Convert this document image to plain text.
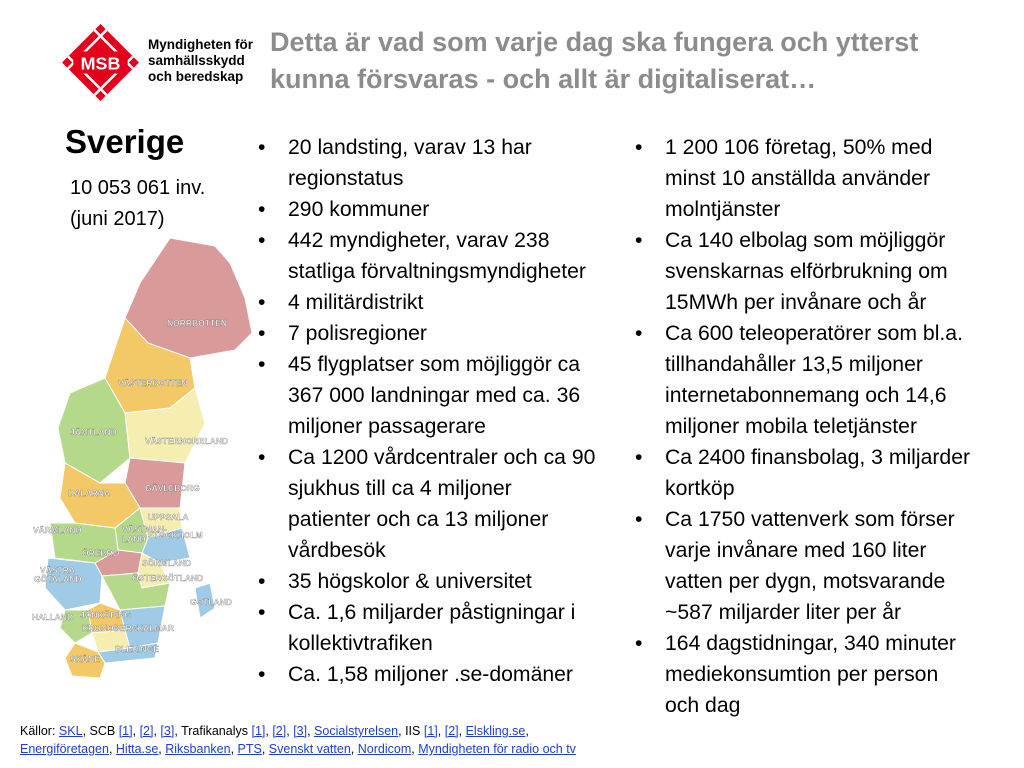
MSB
Myndigheten för
samhällsskydd
och beredskap
Detta är vad som varje dag ska fungera och ytterst
kunna försvaras - och allt är digitaliserat…
Sverige
10 053 061 inv.
(juni 2017)
NORRBOTTEN
VÄSTERBOTTEN
JÄMTLAND
VÄSTERNORRLAND
GÄVLEBORG
DALARNA
UPPSALA
VÄSTMAN-
LAND
VÄRMLAND	STOCKHOLM
ÖREBRO
VÄSTRA
GÖTALAND
SÖRMLAND
ÖSTERGÖTLAND
JÖNKÖPING
HALLAND
GOTLAND
KRONOBERG
KALMAR
BLEKINGE
SKÅNE
• 20 landsting, varav 13 har
regionstatus
• 290 kommuner
• 442 myndigheter, varav 238
statliga förvaltningsmyndigheter
• 4 militärdistrikt
• 7 polisregioner
• 45 flygplatser som möjliggör ca
367 000 landningar med ca. 36
miljoner passagerare
• Ca 1200 vårdcentraler och ca 90
sjukhus till ca 4 miljoner
patienter och ca 13 miljoner
vårdbesök
• 35 högskolor & universitet
• Ca. 1,6 miljarder påstigningar i
kollektivtrafiken
• Ca. 1,58 miljoner .se-domäner
• 1 200 106 företag, 50% med
minst 10 anställda använder
molntjänster
• Ca 140 elbolag som möjliggör
svenskarnas elförbrukning om
15MWh per invånare och år
• Ca 600 teleoperatörer som bl.a.
tillhandahåller 13,5 miljoner
internetabonnemang och 14,6
miljoner mobila teletjänster
• Ca 2400 finansbolag, 3 miljarder
kortköp
• Ca 1750 vattenverk som förser
varje invånare med 160 liter
vatten per dygn, motsvarande
~587 miljarder liter per år
• 164 dagstidningar, 340 minuter
mediekonsumtion per person
och dag
Källor: SKL, SCB [1], [2], [3], Trafikanalys [1], [2], [3], Socialstyrelsen, IIS [1], [2], Elskling.se,
Energiföretagen, Hitta.se, Riksbanken, PTS, Svenskt vatten, Nordicom, Myndigheten för radio och tv
